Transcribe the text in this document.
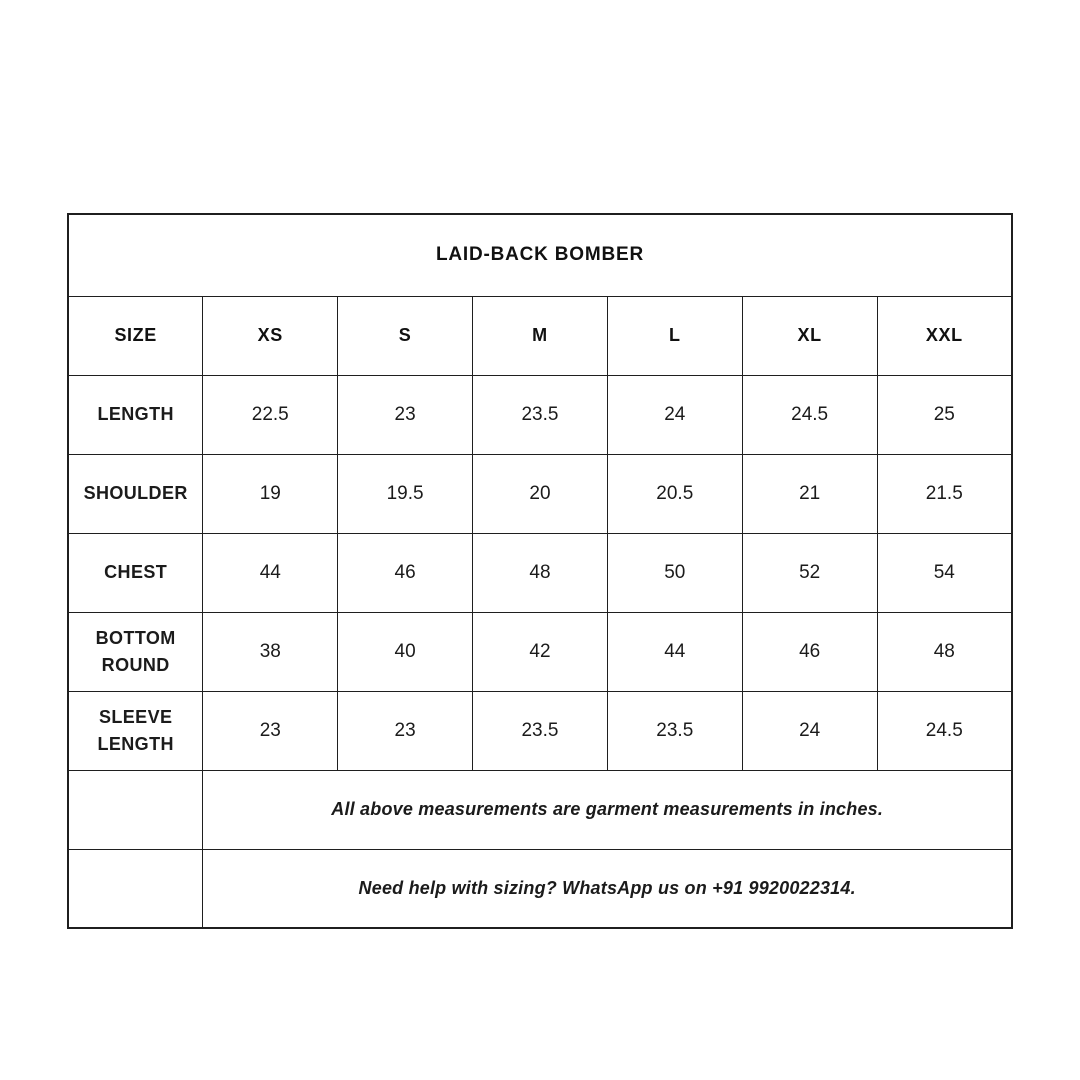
LAID-BACK BOMBER						
SIZE	XS	S	M	L	XL	XXL
LENGTH	22.5	23	23.5	24	24.5	25
SHOULDER	19	19.5	20	20.5	21	21.5
CHEST	44	46	48	50	52	54
BOTTOM ROUND	38	40	42	44	46	48
SLEEVE LENGTH	23	23	23.5	23.5	24	24.5
	All above measurements are garment measurements in inches.					
	Need help with sizing? WhatsApp us on +91 9920022314.					
